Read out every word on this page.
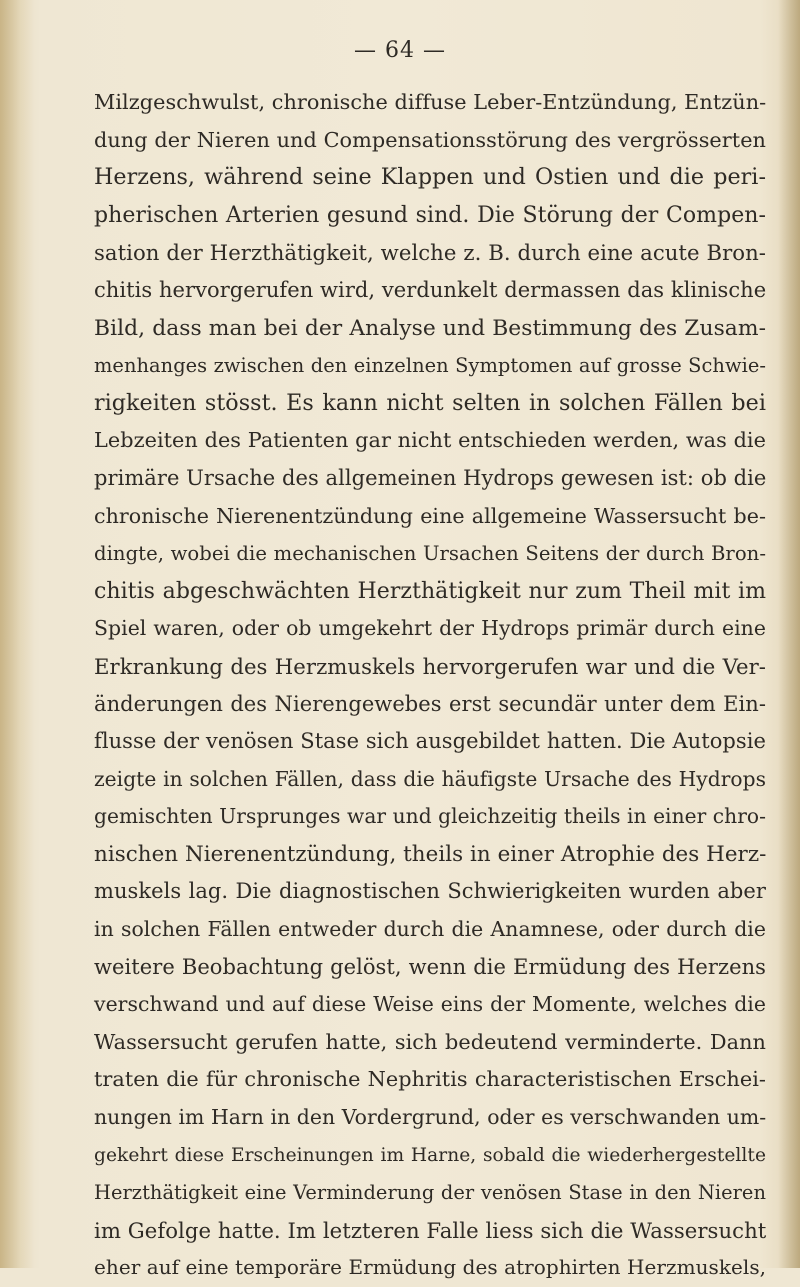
— 64 —
Milzgeschwulst, chronische diffuse Leber-Entzündung, Entzün-
dung der Nieren und Compensationsstörung des vergrösserten
Herzens, während seine Klappen und Ostien und die peri-
pherischen Arterien gesund sind. Die Störung der Compen-
sation der Herzthätigkeit, welche z. B. durch eine acute Bron-
chitis hervorgerufen wird, verdunkelt dermassen das klinische
Bild, dass man bei der Analyse und Bestimmung des Zusam-
menhanges zwischen den einzelnen Symptomen auf grosse Schwie-
rigkeiten stösst. Es kann nicht selten in solchen Fällen bei
Lebzeiten des Patienten gar nicht entschieden werden, was die
primäre Ursache des allgemeinen Hydrops gewesen ist: ob die
chronische Nierenentzündung eine allgemeine Wassersucht be-
dingte, wobei die mechanischen Ursachen Seitens der durch Bron-
chitis abgeschwächten Herzthätigkeit nur zum Theil mit im
Spiel waren, oder ob umgekehrt der Hydrops primär durch eine
Erkrankung des Herzmuskels hervorgerufen war und die Ver-
änderungen des Nierengewebes erst secundär unter dem Ein-
flusse der venösen Stase sich ausgebildet hatten. Die Autopsie
zeigte in solchen Fällen, dass die häufigste Ursache des Hydrops
gemischten Ursprunges war und gleichzeitig theils in einer chro-
nischen Nierenentzündung, theils in einer Atrophie des Herz-
muskels lag. Die diagnostischen Schwierigkeiten wurden aber
in solchen Fällen entweder durch die Anamnese, oder durch die
weitere Beobachtung gelöst, wenn die Ermüdung des Herzens
verschwand und auf diese Weise eins der Momente, welches die
Wassersucht gerufen hatte, sich bedeutend verminderte. Dann
traten die für chronische Nephritis characteristischen Erschei-
nungen im Harn in den Vordergrund, oder es verschwanden um-
gekehrt diese Erscheinungen im Harne, sobald die wiederhergestellte
Herzthätigkeit eine Verminderung der venösen Stase in den Nieren
im Gefolge hatte. Im letzteren Falle liess sich die Wassersucht
eher auf eine temporäre Ermüdung des atrophirten Herzmuskels,
